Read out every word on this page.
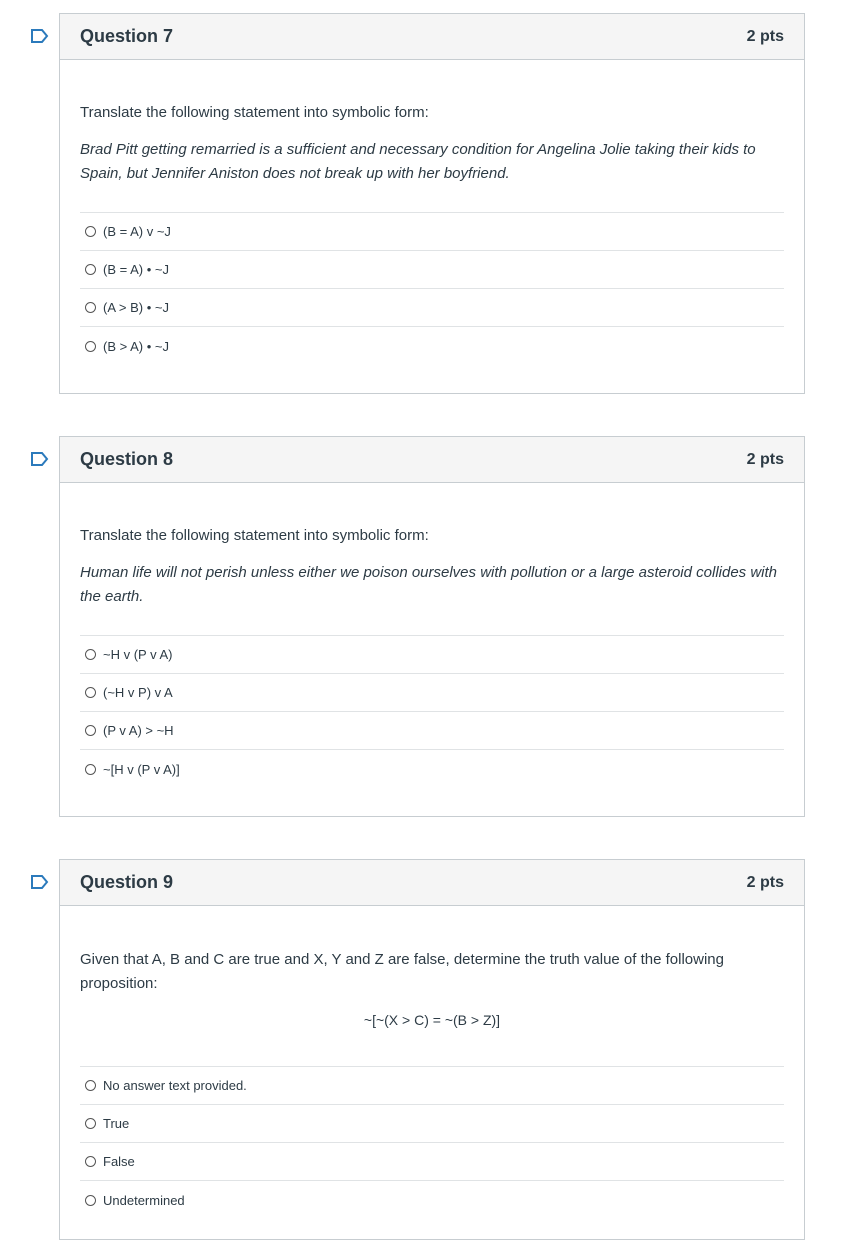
Question 7	2 pts

Translate the following statement into symbolic form:

Brad Pitt getting remarried is a sufficient and necessary condition for Angelina Jolie taking their kids to Spain, but Jennifer Aniston does not break up with her boyfriend.

(B = A) v ~J
(B = A) • ~J
(A > B) • ~J
(B > A) • ~J
Question 8	2 pts

Translate the following statement into symbolic form:

Human life will not perish unless either we poison ourselves with pollution or a large asteroid collides with the earth.

~H v (P v A)
(~H v P) v A
(P v A) > ~H
~[H v (P v A)]
Question 9	2 pts

Given that A, B and C are true and X, Y and Z are false, determine the truth value of the following proposition:

~[~(X > C) = ~(B > Z)]
No answer text provided.
True
False
Undetermined
